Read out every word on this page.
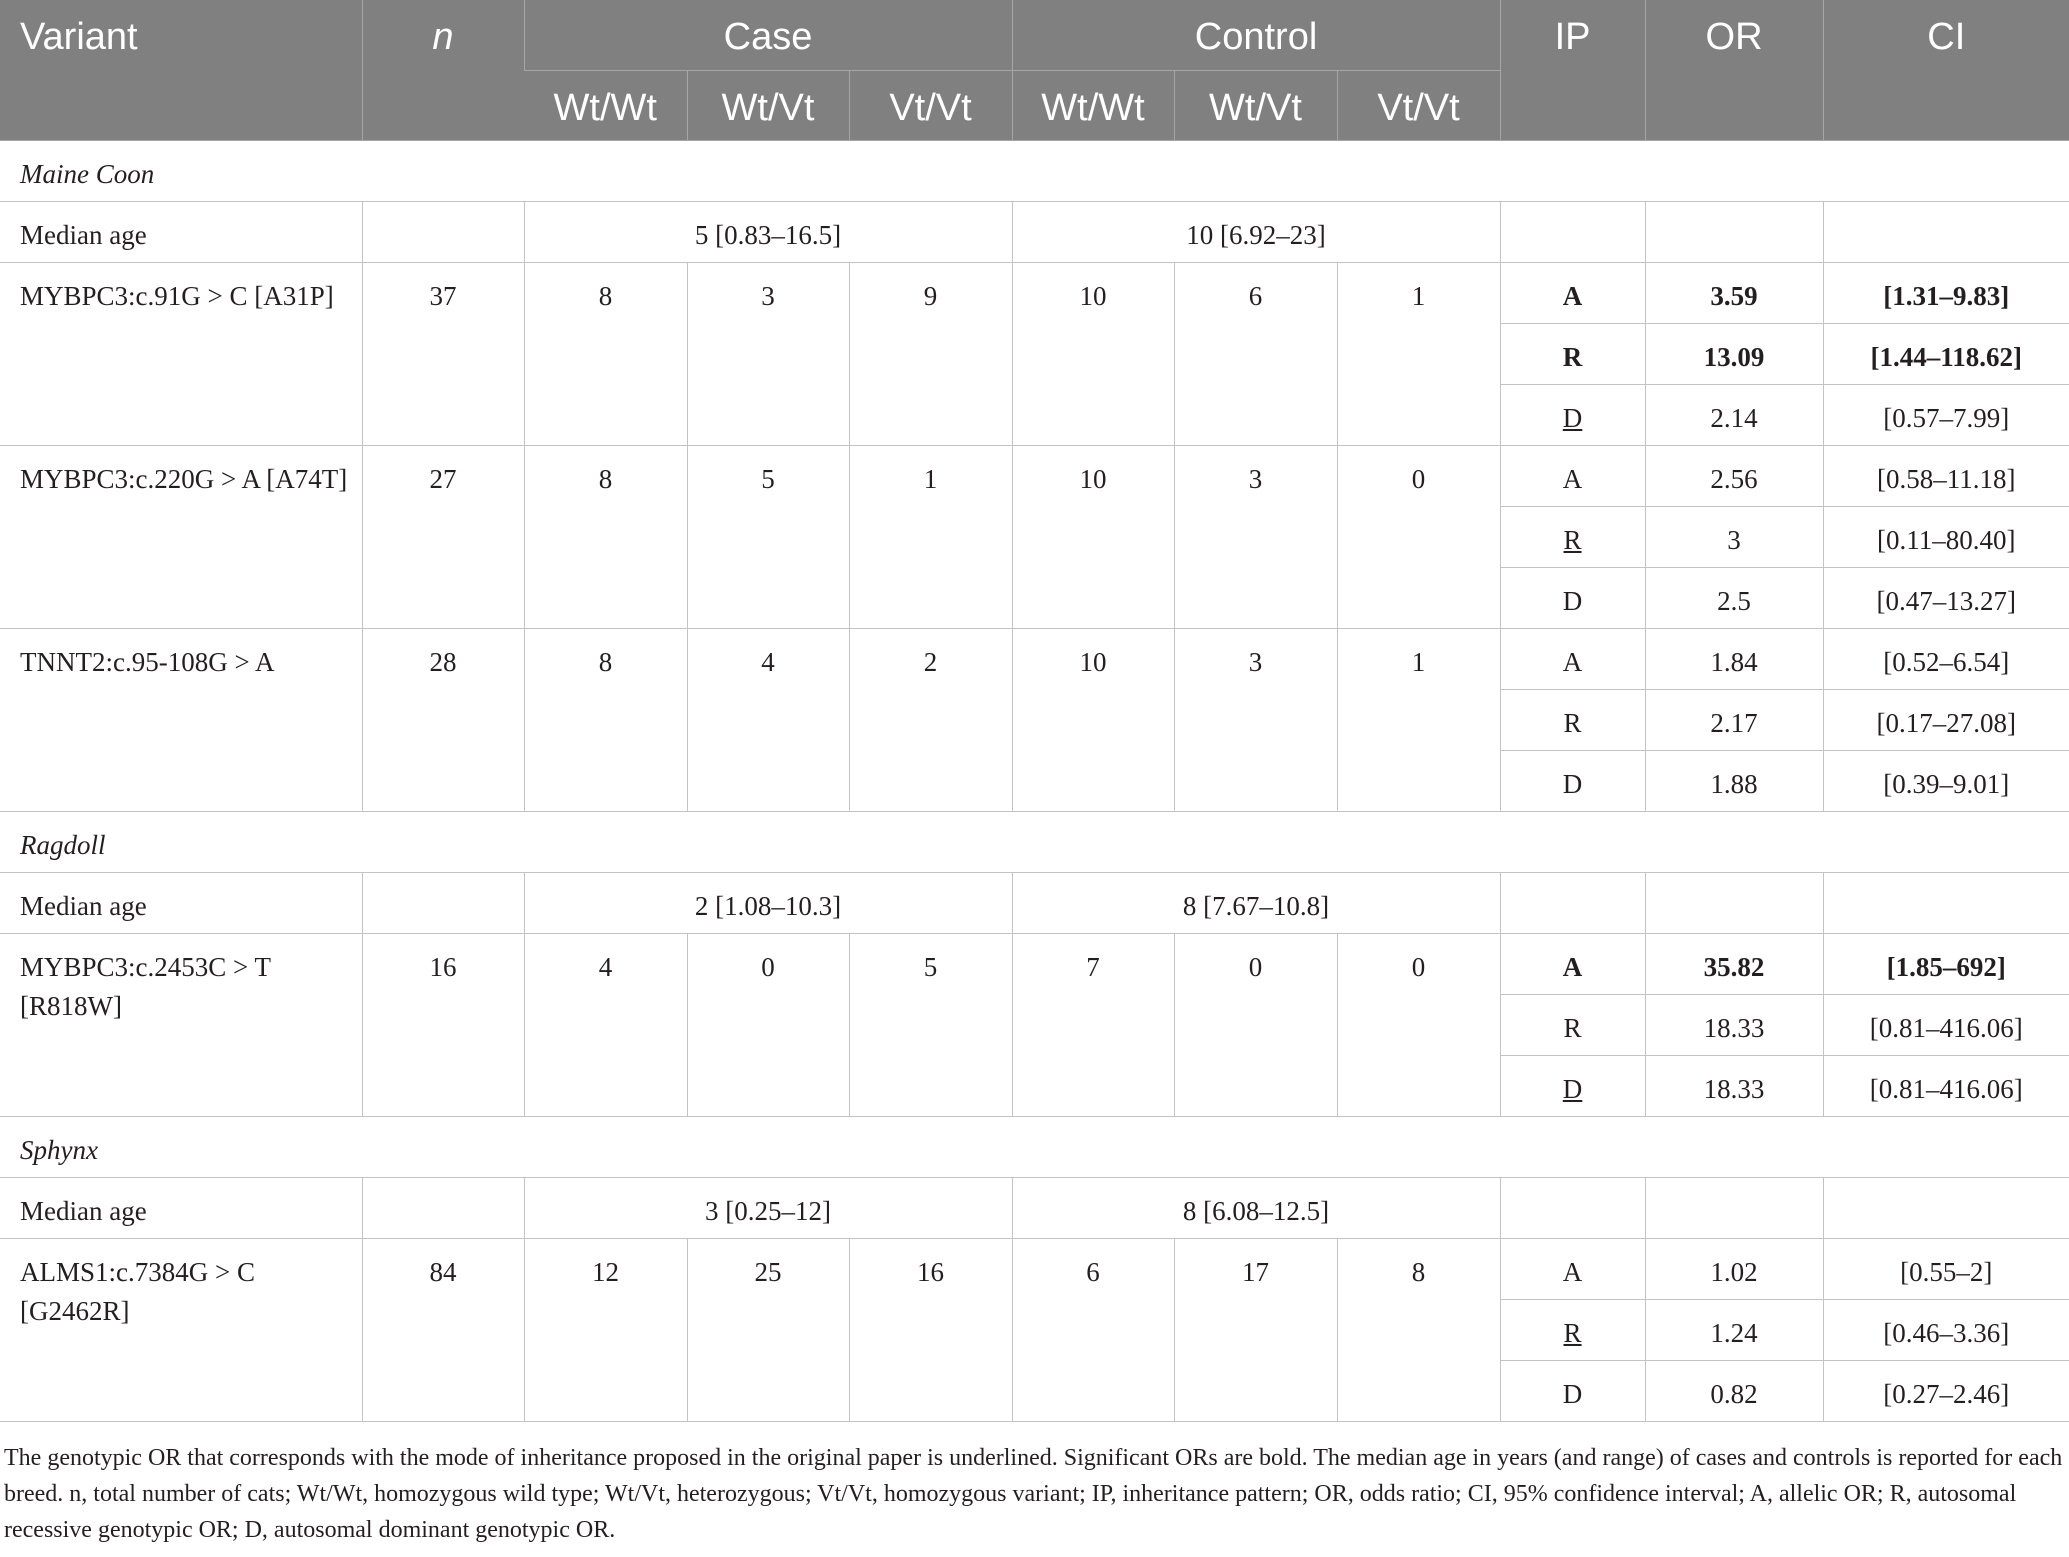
Variant	n	Case			Control			IP	OR	CI
		Wt/Wt	Wt/Vt	Vt/Vt	Wt/Wt	Wt/Vt	Vt/Vt			
Maine Coon										
Median age		5 [0.83–16.5]			10 [6.92–23]					
MYBPC3:c.91G > C [A31P]	37	8	3	9	10	6	1	A	3.59	[1.31–9.83]
								R	13.09	[1.44–118.62]
								D	2.14	[0.57–7.99]
MYBPC3:c.220G > A [A74T]	27	8	5	1	10	3	0	A	2.56	[0.58–11.18]
								R	3	[0.11–80.40]
								D	2.5	[0.47–13.27]
TNNT2:c.95-108G > A	28	8	4	2	10	3	1	A	1.84	[0.52–6.54]
								R	2.17	[0.17–27.08]
								D	1.88	[0.39–9.01]
Ragdoll										
Median age		2 [1.08–10.3]			8 [7.67–10.8]					
MYBPC3:c.2453C > T [R818W]	16	4	0	5	7	0	0	A	35.82	[1.85–692]
								R	18.33	[0.81–416.06]
								D	18.33	[0.81–416.06]
Sphynx										
Median age		3 [0.25–12]			8 [6.08–12.5]					
ALMS1:c.7384G > C [G2462R]	84	12	25	16	6	17	8	A	1.02	[0.55–2]
								R	1.24	[0.46–3.36]
								D	0.82	[0.27–2.46]
The genotypic OR that corresponds with the mode of inheritance proposed in the original paper is underlined. Significant ORs are bold. The median age in years (and range) of cases and controls is reported for each breed. n, total number of cats; Wt/Wt, homozygous wild type; Wt/Vt, heterozygous; Vt/Vt, homozygous variant; IP, inheritance pattern; OR, odds ratio; CI, 95% confidence interval; A, allelic OR; R, autosomal recessive genotypic OR; D, autosomal dominant genotypic OR.
